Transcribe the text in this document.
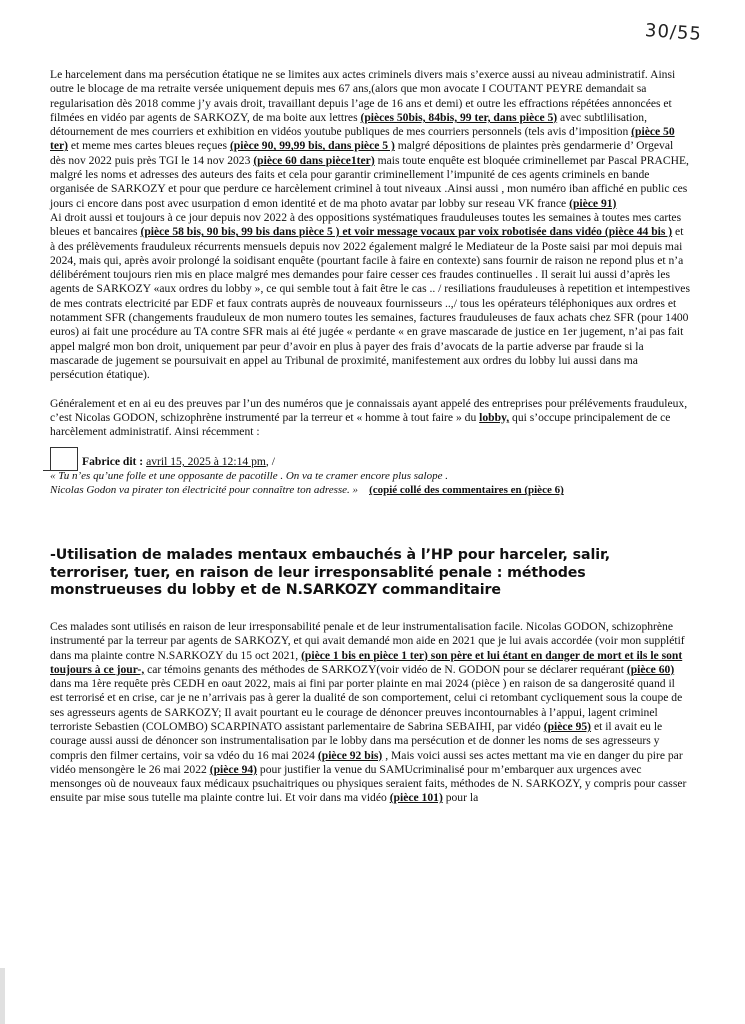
30/55

Le harcelement dans ma persécution étatique ne se limites aux actes criminels divers mais s’exerce aussi au niveau administratif. Ainsi outre le blocage de ma retraite versée uniquement depuis mes 67 ans,(alors que mon avocate I COUTANT PEYRE demandait sa regularisation dès 2018 comme j’y avais droit, travaillant depuis l’age de 16 ans et demi) et outre les effractions répétées annoncées et filmées en vidéo par agents de SARKOZY, de ma boite aux lettres (pièces 50bis, 84bis, 99 ter, dans pièce 5) avec subtlilisation, détournement de mes courriers et exhibition en vidéos youtube publiques de mes courriers personnels (tels avis d’imposition (pièce 50 ter) et meme mes cartes bleues reçues (pièce 90, 99,99 bis, dans pièce 5 ) malgré dépositions de plaintes près gendarmerie d’ Orgeval dès nov 2022 puis près TGI le 14 nov 2023 (pièce 60 dans pièce1ter) mais toute enquête est bloquée criminellemet par Pascal PRACHE, malgré les noms et adresses des auteurs des faits et cela pour garantir criminellement l’impunité de ces agents criminels en bande organisée de SARKOZY et pour que perdure ce harcèlement criminel à tout niveaux .Ainsi aussi , mon numéro iban affiché en public ces jours ci encore dans post avec usurpation d emon identité et de ma photo avatar par lobby sur reseau VK france (pièce 91)

Ai droit aussi et toujours à ce jour depuis nov 2022 à des oppositions systématiques frauduleuses toutes les semaines à toutes mes cartes bleues et bancaires (pièce 58 bis, 90 bis, 99 bis dans pièce 5 ) et voir message vocaux par voix robotisée dans vidéo (pièce 44 bis ) et à des prélèvements frauduleux récurrents mensuels depuis nov 2022 également malgré le Mediateur de la Poste saisi par moi depuis mai 2024, mais qui, après avoir prolongé la soidisant enquête (pourtant facile à faire en contexte) sans fournir de raison ne repond plus et n’a délibérément toujours rien mis en place malgré mes demandes pour faire cesser ces fraudes continuelles . Il serait lui aussi d’après les agents de SARKOZY «aux ordres du lobby », ce qui semble tout à fait être le cas .. / resiliations frauduleuses à repetition et intempestives de mes contrats electricité par EDF et faux contrats auprès de nouveaux fournisseurs ..,/ tous les opérateurs téléphoniques aux ordres et notamment SFR (changements frauduleux de mon numero toutes les semaines, factures frauduleuses de faux achats chez SFR (pour 1400 euros) ai fait une procédure au TA contre SFR mais ai été jugée « perdante « en grave mascarade de justice en 1er jugement, n’ai pas fait appel malgré mon bon droit, uniquement par peur d’avoir en plus à payer des frais d’avocats de la partie adverse par fraude si la mascarade de jugement se poursuivait en appel au Tribunal de proximité, manifestement aux ordres du lobby lui aussi dans ma persécution étatique).

Généralement et en ai eu des preuves par l’un des numéros que je connaissais ayant appelé des entreprises pour prélévements frauduleux, c’est Nicolas GODON, schizophrène instrumenté par la terreur et « homme à tout faire » du lobby, qui s’occupe principalement de ce harcèlement administratif. Ainsi récemment :

Fabrice dit :
avril 15, 2025 à 12:14 pm , /
« Tu n’es qu’une folle et une opposante de pacotille . On va te cramer encore plus salope .
Nicolas Godon va pirater ton électricité pour connaître ton adresse. » (copié collé des commentaires en (pièce 6)
-Utilisation de malades mentaux embauchés à l’HP pour harceler, salir, terroriser, tuer, en raison de leur irresponsablité penale : méthodes monstrueuses du lobby et de N.SARKOZY commanditaire

Ces malades sont utilisés en raison de leur irresponsabilité penale et de leur instrumentalisation facile. Nicolas GODON, schizophrène instrumenté par la terreur par agents de SARKOZY, et qui avait demandé mon aide en 2021 que je lui avais accordée (voir mon supplétif dans ma plainte contre N.SARKOZY du 15 oct 2021, (pièce 1 bis en pièce 1 ter) son père et lui étant en danger de mort et ils le sont toujours à ce jour-, car témoins genants des méthodes de SARKOZY(voir vidéo de N. GODON pour se déclarer requérant (pièce 60) dans ma 1ère requête près CEDH en oaut 2022, mais ai fini par porter plainte en mai 2024 (pièce ) en raison de sa dangerosité quand il est terrorisé et en crise, car je ne n’arrivais pas à gerer la dualité de son comportement, celui ci retombant cycliquement sous la coupe de ses agresseurs agents de SARKOZY; Il avait pourtant eu le courage de dénoncer preuves incontournables à l’appui, lagent criminel terroriste Sebastien (COLOMBO) SCARPINATO assistant parlementaire de Sabrina SEBAIHI, par vidéo (pièce 95) et il avait eu le courage aussi aussi de dénoncer son instrumentalisation par le lobby dans ma persécution et de donner les noms de ses agresseurs y compris den filmer certains, voir sa vdéo du 16 mai 2024 (pièce 92 bis) , Mais voici aussi ses actes mettant ma vie en danger du pire par vidéo mensongère le 26 mai 2022 (pièce 94) pour justifier la venue du SAMUcriminalisé pour m’embarquer aux urgences avec mensonges où de nouveaux faux médicaux psuchaitriques ou physiques seraient faits, méthodes de N. SARKOZY, y compris pour casser ensuite par mise sous tutelle ma plainte contre lui. Et voir dans ma vidéo (pièce 101) pour la
